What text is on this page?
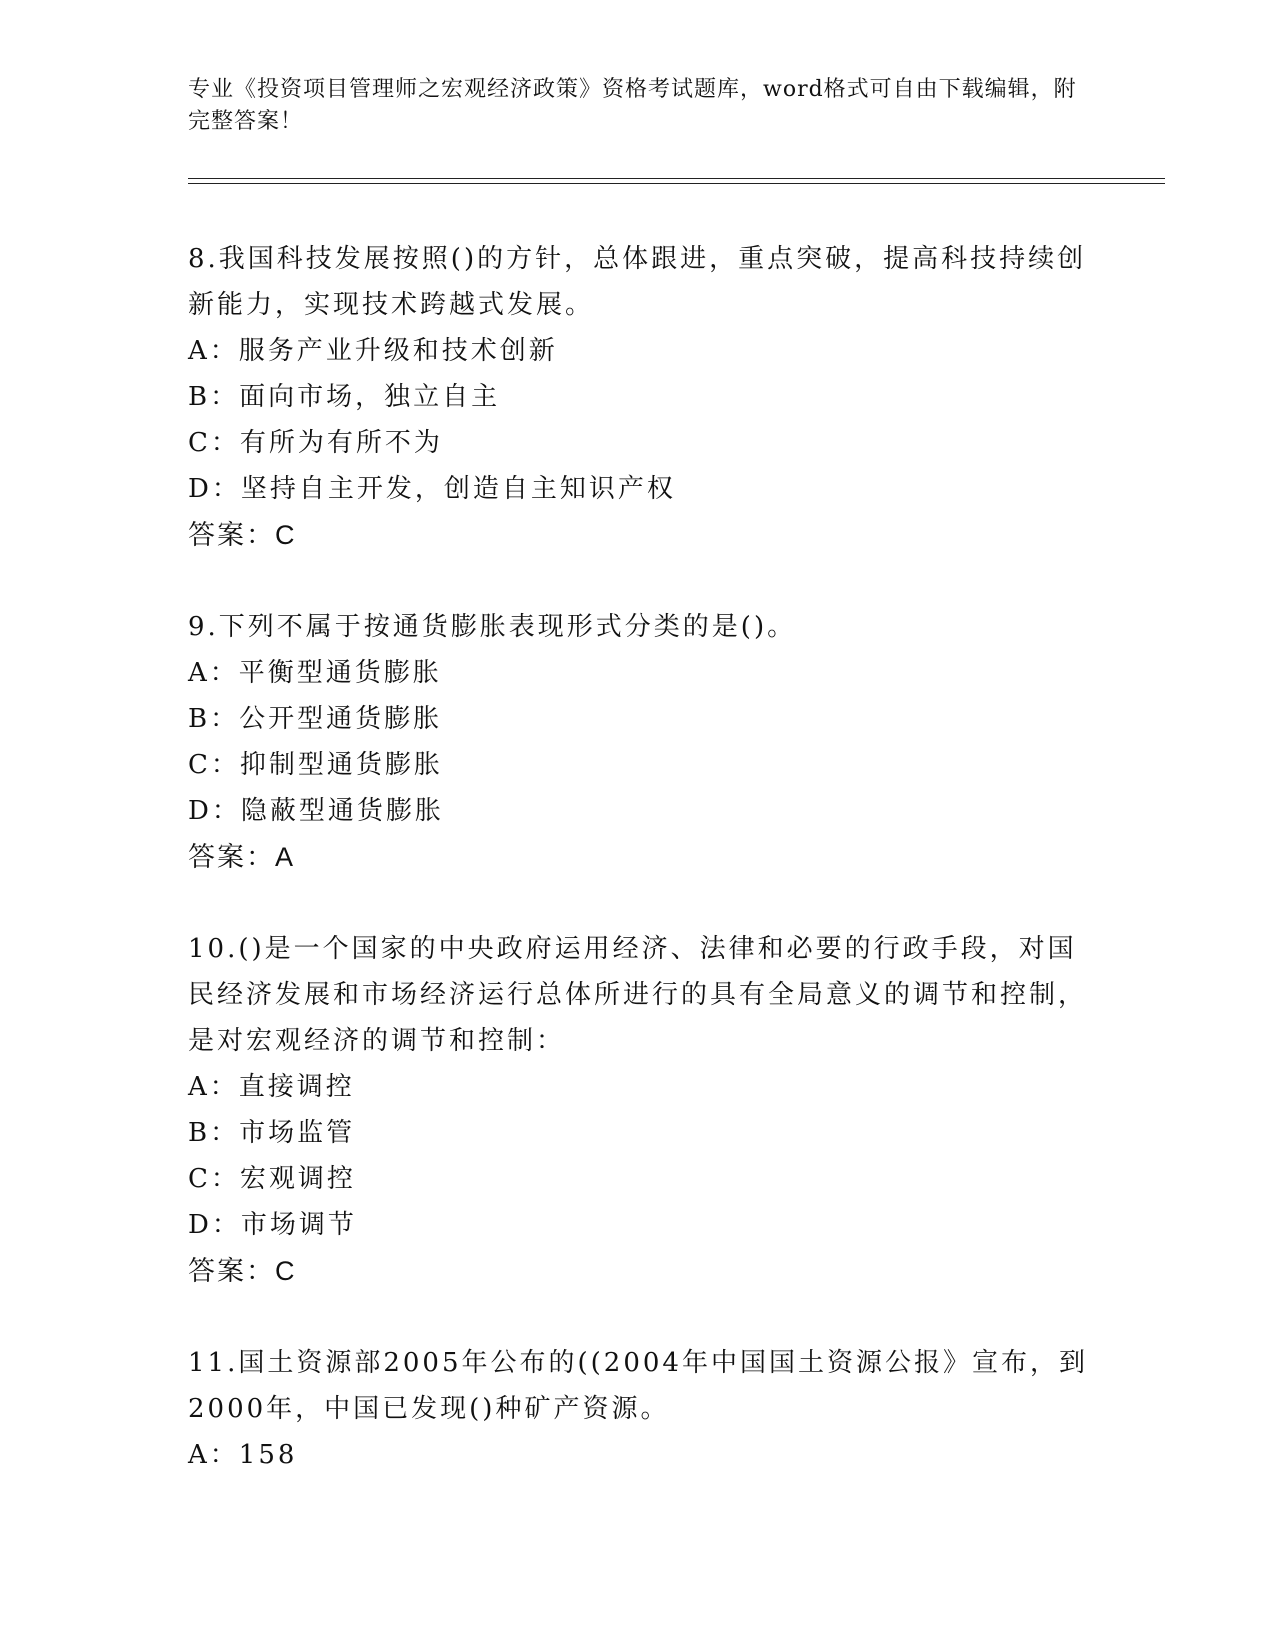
专业《投资项目管理师之宏观经济政策》资格考试题库，word格式可自由下载编辑，附完整答案！
8.我国科技发展按照()的方针，总体跟进，重点突破，提高科技持续创新能力，实现技术跨越式发展。
A：服务产业升级和技术创新
B：面向市场，独立自主
C：有所为有所不为
D：坚持自主开发，创造自主知识产权
答案：C
9.下列不属于按通货膨胀表现形式分类的是()。
A：平衡型通货膨胀
B：公开型通货膨胀
C：抑制型通货膨胀
D：隐蔽型通货膨胀
答案：A
10.()是一个国家的中央政府运用经济、法律和必要的行政手段，对国民经济发展和市场经济运行总体所进行的具有全局意义的调节和控制，是对宏观经济的调节和控制：
A：直接调控
B：市场监管
C：宏观调控
D：市场调节
答案：C
11.国土资源部2005年公布的((2004年中国国土资源公报》宣布，到2000年，中国已发现()种矿产资源。
A：158
